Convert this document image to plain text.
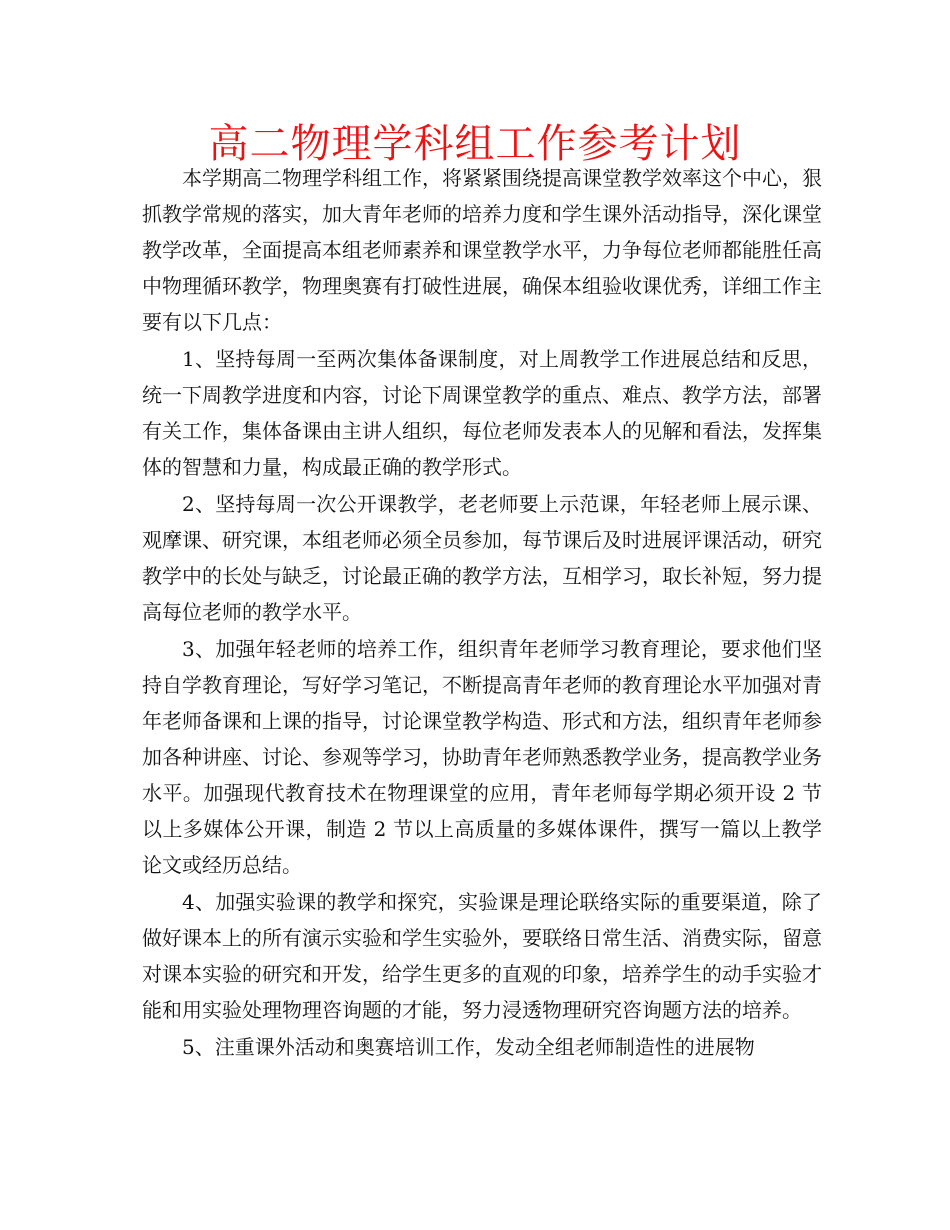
高二物理学科组工作参考计划

本学期高二物理学科组工作，将紧紧围绕提高课堂教学效率这个中心，狠抓教学常规的落实，加大青年老师的培养力度和学生课外活动指导，深化课堂教学改革，全面提高本组老师素养和课堂教学水平，力争每位老师都能胜任高中物理循环教学，物理奥赛有打破性进展，确保本组验收课优秀，详细工作主要有以下几点：

1、坚持每周一至两次集体备课制度，对上周教学工作进展总结和反思，统一下周教学进度和内容，讨论下周课堂教学的重点、难点、教学方法，部署有关工作，集体备课由主讲人组织，每位老师发表本人的见解和看法，发挥集体的智慧和力量，构成最正确的教学形式。

2、坚持每周一次公开课教学，老老师要上示范课，年轻老师上展示课、观摩课、研究课，本组老师必须全员参加，每节课后及时进展评课活动，研究教学中的长处与缺乏，讨论最正确的教学方法，互相学习，取长补短，努力提高每位老师的教学水平。

3、加强年轻老师的培养工作，组织青年老师学习教育理论，要求他们坚持自学教育理论，写好学习笔记，不断提高青年老师的教育理论水平加强对青年老师备课和上课的指导，讨论课堂教学构造、形式和方法，组织青年老师参加各种讲座、讨论、参观等学习，协助青年老师熟悉教学业务，提高教学业务水平。加强现代教育技术在物理课堂的应用，青年老师每学期必须开设 2 节以上多媒体公开课，制造 2 节以上高质量的多媒体课件，撰写一篇以上教学论文或经历总结。

4、加强实验课的教学和探究，实验课是理论联络实际的重要渠道，除了做好课本上的所有演示实验和学生实验外，要联络日常生活、消费实际，留意对课本实验的研究和开发，给学生更多的直观的印象，培养学生的动手实验才能和用实验处理物理咨询题的才能，努力浸透物理研究咨询题方法的培养。

5、注重课外活动和奥赛培训工作，发动全组老师制造性的进展物
